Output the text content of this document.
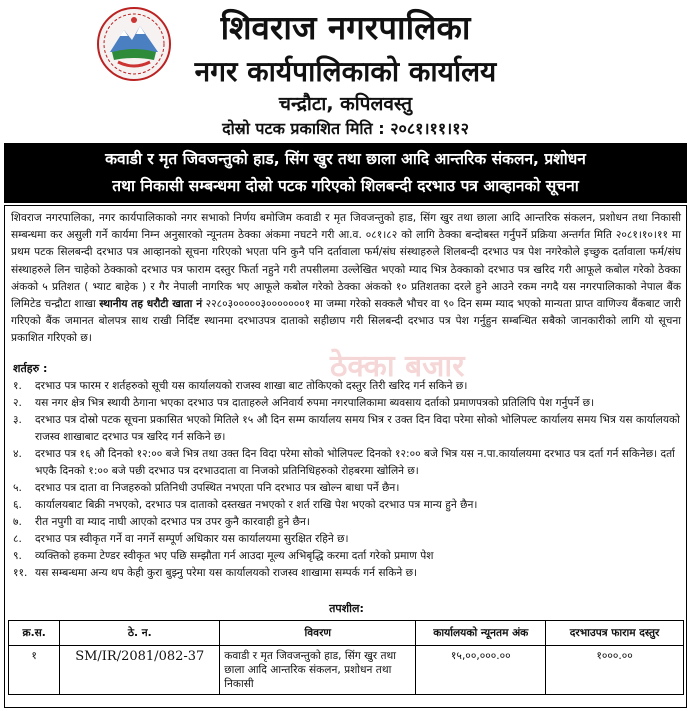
शिवराज नगरपालिका
नगर कार्यपालिकाको कार्यालय
चन्द्रौटा, कपिलवस्तु
दोस्रो पटक प्रकाशित मिति : २०८१।११।१२
कवाडी र मृत जिवजन्तुको हाड, सिंग खुर तथा छाला आदि आन्तरिक संकलन, प्रशोधन
तथा निकासी सम्बन्धमा दोस्रो पटक गरिएको शिलबन्दी दरभाउ पत्र आव्हानको सूचना
शिवराज नगरपालिका, नगर कार्यपालिकाको नगर सभाको निर्णय बमोजिम कवाडी र मृत जिवजन्तुको हाड, सिंग खुर तथा छाला आदि आन्तरिक संकलन, प्रशोधन तथा निकासी सम्बन्धमा कर असुली गर्ने कार्यमा निम्न अनुसारको न्यूनतम ठेक्का अंकमा नघटने गरी आ.व. ०८१।८२ को लागि ठेक्का बन्दोबस्त गर्नुपर्ने प्रक्रिया अन्तर्गत मिति २०८१।१०।११ मा प्रथम पटक सिलबन्दी दरभाउ पत्र आव्हानको सूचना गरिएको भएता पनि कुनै पनि दर्तावाला फर्म/संघ संस्थाहरुले शिलबन्दी दरभाउ पत्र पेश नगरेकोले इच्छुक दर्तावाला फर्म/संघ संस्थाहरुले लिन चाहेको ठेक्काको दरभाउ पत्र फाराम दस्तुर फिर्ता नहुने गरी तपसीलमा उल्लेखित भएको म्याद भित्र ठेक्काको दरभाउ पत्र खरिद गरी आफूले कबोल गरेको ठेक्का अंकको ५ प्रतिशत ( भ्याट बाहेक ) र गैर नेपाली नागरिक भए आफूले कबोल गरेको ठेक्का अंकको १० प्रतिशतका दरले हुने आउने रकम नगदै यस नगरपालिकाको नेपाल बैंक लिमिटेड चन्द्रौटा शाखा स्थानीय तह धरौटी खाता नं २२८०३०००००३०००००००१ मा जम्मा गरेको सक्कलै भौचर वा ९० दिन सम्म म्याद भएको मान्यता प्राप्त वाणिज्य बैंकबाट जारी गरिएको बैंक जमानत बोलपत्र साथ राखी निर्दिष्ट स्थानमा दरभाउपत्र दाताको सहीछाप गरी सिलबन्दी दरभाउ पत्र पेश गर्नुहुन सम्बन्धित सबैको जानकारीको लागि यो सूचना प्रकाशित गरिएको छ।
ठेक्का बजार
शर्तहरु :
१.	दरभाउ पत्र फारम र शर्तहरुको सूची यस कार्यालयको राजस्व शाखा बाट तोकिएको दस्तुर तिरी खरिद गर्न सकिने छ।
२.	यस नगर क्षेत्र भित्र स्थायी ठेगाना भएका दरभाउ पत्र दाताहरुले अनिवार्य रुपमा नगरपालिकामा ब्यवसाय दर्ताको प्रमाणपत्रको प्रतिलिपि पेश गर्नुपर्ने छ।
३.	दरभाउ पत्र दोस्रो पटक सूचना प्रकासित भएको मितिले १५ औ दिन सम्म कार्यालय समय भित्र र उक्त दिन विदा परेमा सोको भोलिपल्ट कार्यालय समय भित्र यस कार्यालयको राजस्व शाखाबाट दरभाउ पत्र खरिद गर्न सकिने छ।
४.	दरभाउ पत्र १६ औ दिनको १२:०० बजे भित्र तथा उक्त दिन विदा परेमा सोको भोलिपल्ट दिनको १२:०० बजे भित्र यस न.पा.कार्यालयमा दरभाउ पत्र दर्ता गर्न सकिनेछ। दर्ता भएकै दिनको १:०० बजे पछी दरभाउ पत्र दरभाउदाता वा निजको प्रतिनिधिहरुको रोहबरमा खोलिने छ।
५.	दरभाउ पत्र दाता वा निजहरुको प्रतिनिधी उपस्थित नभएता पनि दरभाउ पत्र खोल्न बाधा पर्ने छैन।
६.	कार्यालयबाट बिक्री नभएको, दरभाउ पत्र दाताको दस्तखत नभएको र शर्त राखि पेश भएको दरभाउ पत्र मान्य हुने छैन।
७.	रीत नपुगी वा म्याद नाघी आएको दरभाउ पत्र उपर कुनै कारवाही हुने छैन।
८.	दरभाउ पत्र स्वीकृत गर्ने वा नगर्ने सम्पूर्ण अधिकार यस कार्यालयमा सुरक्षित रहिने छ।
९.	व्यक्तिको हकमा टेण्डर स्वीकृत भए पछि सम्झौता गर्न आउदा मूल्य अभिबृद्धि करमा दर्ता गरेको प्रमाण पेश
११. यस सम्बन्धमा अन्य थप केही कुरा बुझ्नु परेमा यस कार्यालयको राजस्व शाखामा सम्पर्क गर्न सकिने छ।
तपशील:
क्र.स.	ठे. न.	विवरण	कार्यालयको न्यूनतम अंक	दरभाउपत्र फाराम दस्तुर
१	SM/IR/2081/082-37	कवाडी र मृत जिवजन्तुको हाड, सिंग खुर तथा छाला आदि आन्तरिक संकलन, प्रशोधन तथा निकासी	१५,००,०००.००	१०००.००
